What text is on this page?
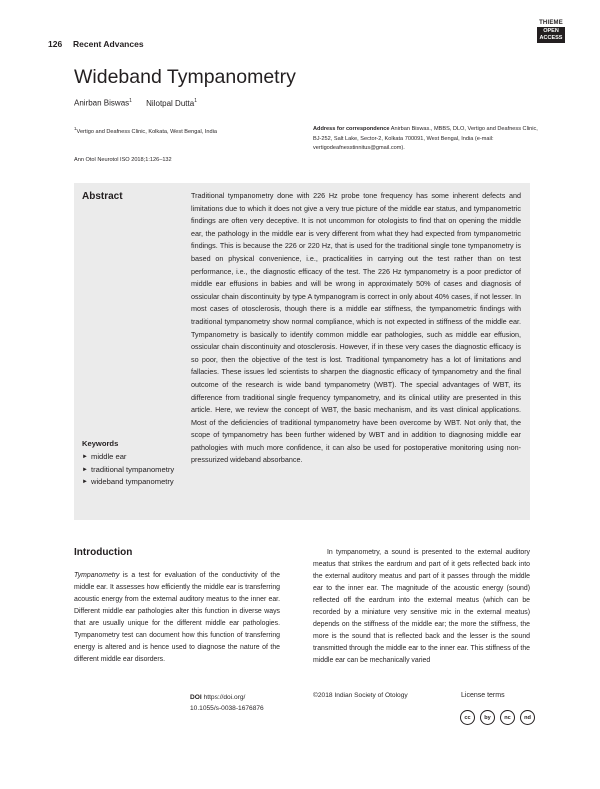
126 Recent Advances
THIEME
OPEN
ACCESS
Wideband Tympanometry
Anirban Biswas$^1$ Nilotpal Dutta$^1$
$^1$Vertigo and Deafness Clinic, Kolkata, West Bengal, India	Address for correspondence Anirban Biswas., MBBS, DLO, Vertigo and Deafness Clinic, BJ-252, Salt Lake, Sector-2, Kolkata 700091, West Bengal, India (e-mail: vertigodeafnesstinnitus@gmail.com).
Ann Otol Neurotol ISO 2018;1:126–132
Abstract	Traditional tympanometry done with 226 Hz probe tone frequency has some inherent defects and limitations due to which it does not give a very true picture of the middle ear status, and tympanometric findings are often very deceptive. It is not uncommon for otologists to find that on opening the middle ear, the pathology in the middle ear is very different from what they had expected from tympanometric findings. This is because the 226 or 220 Hz, that is used for the traditional single tone tympanometry is based on physical convenience, i.e., practicalities in carrying out the test rather than on test performance, i.e., the diagnostic efficacy of the test. The 226 Hz tympanometry is a poor predictor of middle ear effusions in babies and will be wrong in approximately 50% of cases and diagnosis of ossicular chain discontinuity by type A tympanogram is correct in only about 40% cases, if not lesser. In most cases of otosclerosis, though there is a middle ear stiffness, the tympanometric findings with traditional tympanometry show normal compliance, which is not expected in stiffness of the middle ear. Tympanometry is basically to identify common middle ear pathologies, such as middle ear effusion, ossicular chain discontinuity and otosclerosis. However, if in these very cases the diagnostic efficacy is so poor, then the objective of the test is lost. Traditional tympanometry has a lot of limitations and fallacies. These issues led scientists to sharpen the diagnostic efficacy of tympanometry and the final outcome of the research is wide band tympanometry (WBT). The special advantages of WBT, its difference from traditional single frequency tympanometry, and its clinical utility are presented in this article. Here, we review the concept of WBT, the basic mechanism, and its vast clinical applications. Most of the deficiencies of traditional tympanometry have been overcome by WBT. Not only that, the scope of tympanometry has been further widened by WBT and in addition to diagnosing middle ear pathologies with much more confidence, it can also be used for postoperative monitoring using non-pressurized wideband absorbance.
Keywords
► middle ear
► traditional tympanometry
► wideband tympanometry
Introduction

Tympanometry is a test for evaluation of the conductivity of the middle ear. It assesses how efficiently the middle ear is transferring acoustic energy from the external auditory meatus to the inner ear. Different middle ear pathologies alter this function in diverse ways that are usually unique for the different middle ear pathologies. Tympanometry test can document how this function of transferring energy is altered and is hence used to diagnose the nature of the different middle ear disorders.

In tympanometry, a sound is presented to the external auditory meatus that strikes the eardrum and part of it gets reflected back into the external auditory meatus and part of it passes through the middle ear to the inner ear. The magnitude of the acoustic energy (sound) reflected off the eardrum into the external meatus (which can be recorded by a miniature very sensitive mic in the external meatus) depends on the stiffness of the middle ear; the more the stiffness, the more is the sound that is reflected back and the lesser is the sound transmitted through the middle ear to the inner ear. This stiffness of the middle ear can be mechanically varied

DOI https://doi.org/
10.1055/s-0038-1676876
©2018 Indian Society of Otology	License terms
cc	by	nc	nd
